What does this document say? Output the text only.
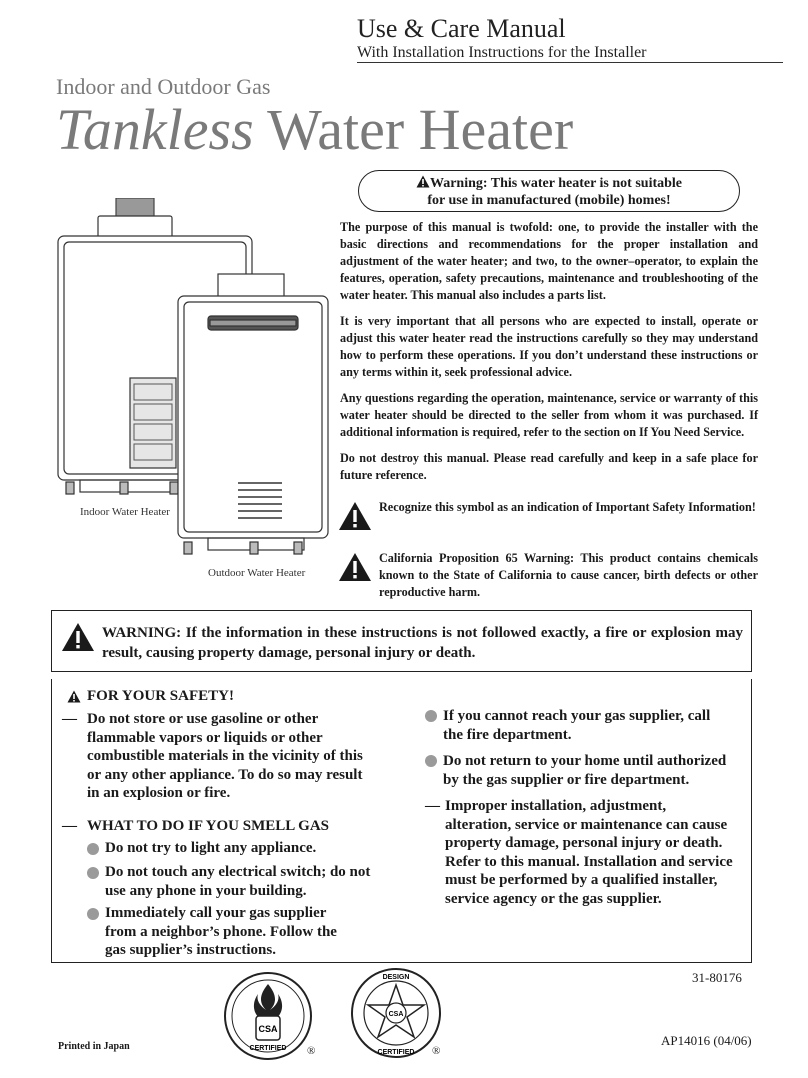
Use & Care Manual
With Installation Instructions for the Installer
Indoor and Outdoor Gas
Tankless Water Heater
Warning: This water heater is not suitable
for use in manufactured (mobile) homes!
Indoor Water Heater
Outdoor Water Heater

The purpose of this manual is twofold: one, to provide the installer with the basic directions and recommendations for the proper installation and adjustment of the water heater; and two, to the owner–operator, to explain the features, operation, safety precautions, maintenance and troubleshooting of the water heater. This manual also includes a parts list.

It is very important that all persons who are expected to install, operate or adjust this water heater read the instructions carefully so they may understand how to perform these operations. If you don’t understand these instructions or any terms within it, seek professional advice.

Any questions regarding the operation, maintenance, service or warranty of this water heater should be directed to the seller from whom it was purchased. If additional information is required, refer to the section on If You Need Service.

Do not destroy this manual. Please read carefully and keep in a safe place for future reference.

Recognize this symbol as an indication of Important Safety Information!
California Proposition 65 Warning: This product contains chemicals known to the State of California to cause cancer, birth defects or other reproductive harm.
WARNING: If the information in these instructions is not followed exactly, a fire or explosion may result, causing property damage, personal injury or death.
FOR YOUR SAFETY!
— Do not store or use gasoline or other
flammable vapors or liquids or other
combustible materials in the vicinity of this
or any other appliance. To do so may result
in an explosion or fire.
— WHAT TO DO IF YOU SMELL GAS
Do not try to light any appliance.
Do not touch any electrical switch; do not
use any phone in your building.
Immediately call your gas supplier
from a neighbor’s phone. Follow the
gas supplier’s instructions.
If you cannot reach your gas supplier, call
the fire department.
Do not return to your home until authorized
by the gas supplier or fire department.
— Improper installation, adjustment,
alteration, service or maintenance can cause
property damage, personal injury or death.
Refer to this manual. Installation and service
must be performed by a qualified installer,
service agency or the gas supplier.
31-80176
CSA
CERTIFIED ®
CSA
DESIGN
CERTIFIED ®
Printed in Japan	AP14016 (04/06)
